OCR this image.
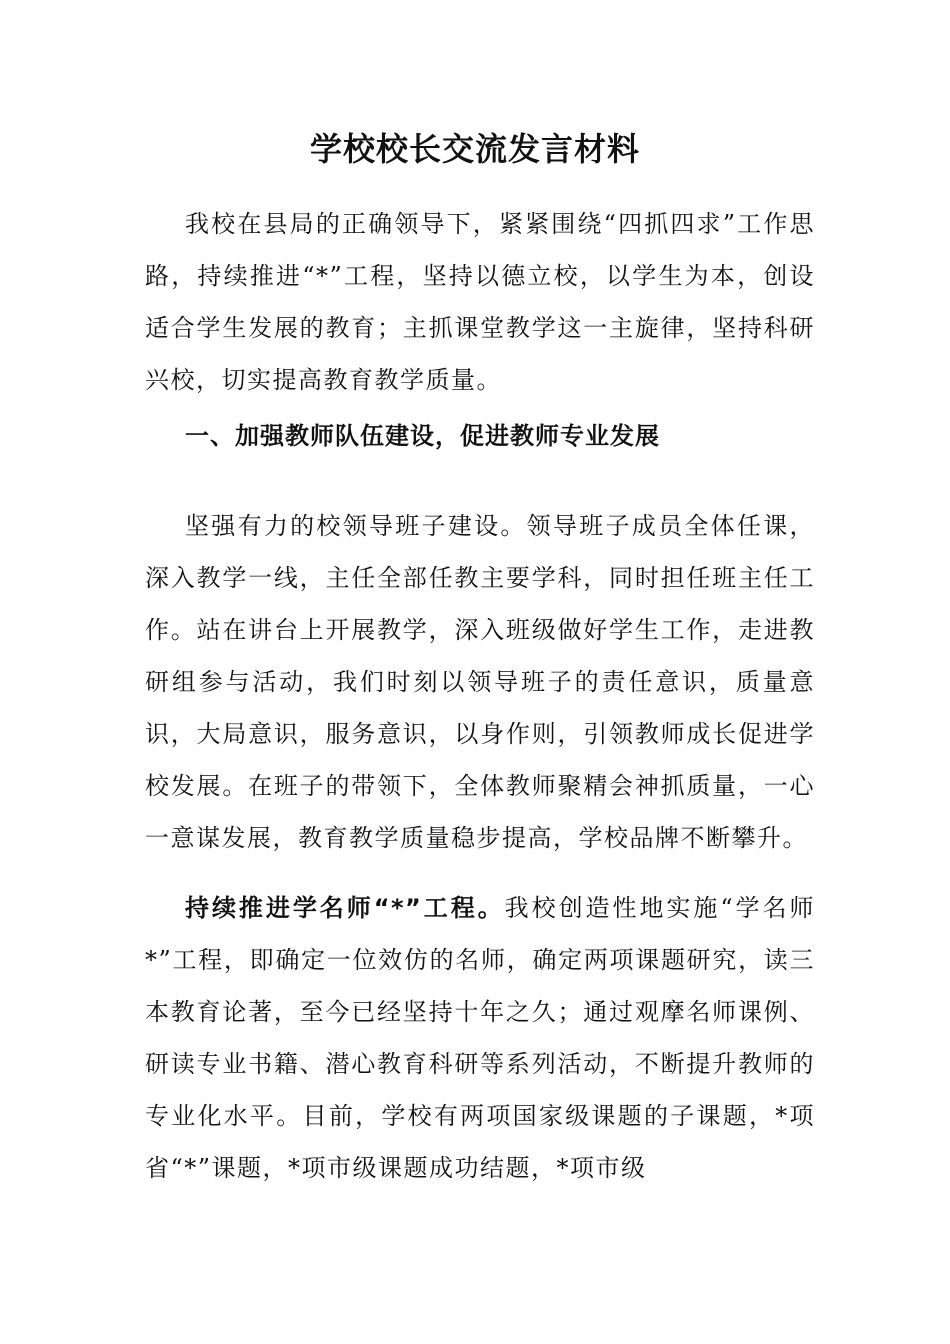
学校校长交流发言材料

我校在县局的正确领导下，紧紧围绕“四抓四求”工作思路，持续推进“*”工程，坚持以德立校，以学生为本，创设适合学生发展的教育；主抓课堂教学这一主旋律，坚持科研兴校，切实提高教育教学质量。

一、加强教师队伍建设，促进教师专业发展

坚强有力的校领导班子建设。领导班子成员全体任课，深入教学一线，主任全部任教主要学科，同时担任班主任工作。站在讲台上开展教学，深入班级做好学生工作，走进教研组参与活动，我们时刻以领导班子的责任意识，质量意识，大局意识，服务意识，以身作则，引领教师成长促进学校发展。在班子的带领下，全体教师聚精会神抓质量，一心一意谋发展，教育教学质量稳步提高，学校品牌不断攀升。

持续推进学名师“*”工程。我校创造性地实施“学名师*”工程，即确定一位效仿的名师，确定两项课题研究，读三本教育论著，至今已经坚持十年之久；通过观摩名师课例、研读专业书籍、潜心教育科研等系列活动，不断提升教师的专业化水平。目前，学校有两项国家级课题的子课题，*项省“*”课题，*项市级课题成功结题，*项市级
